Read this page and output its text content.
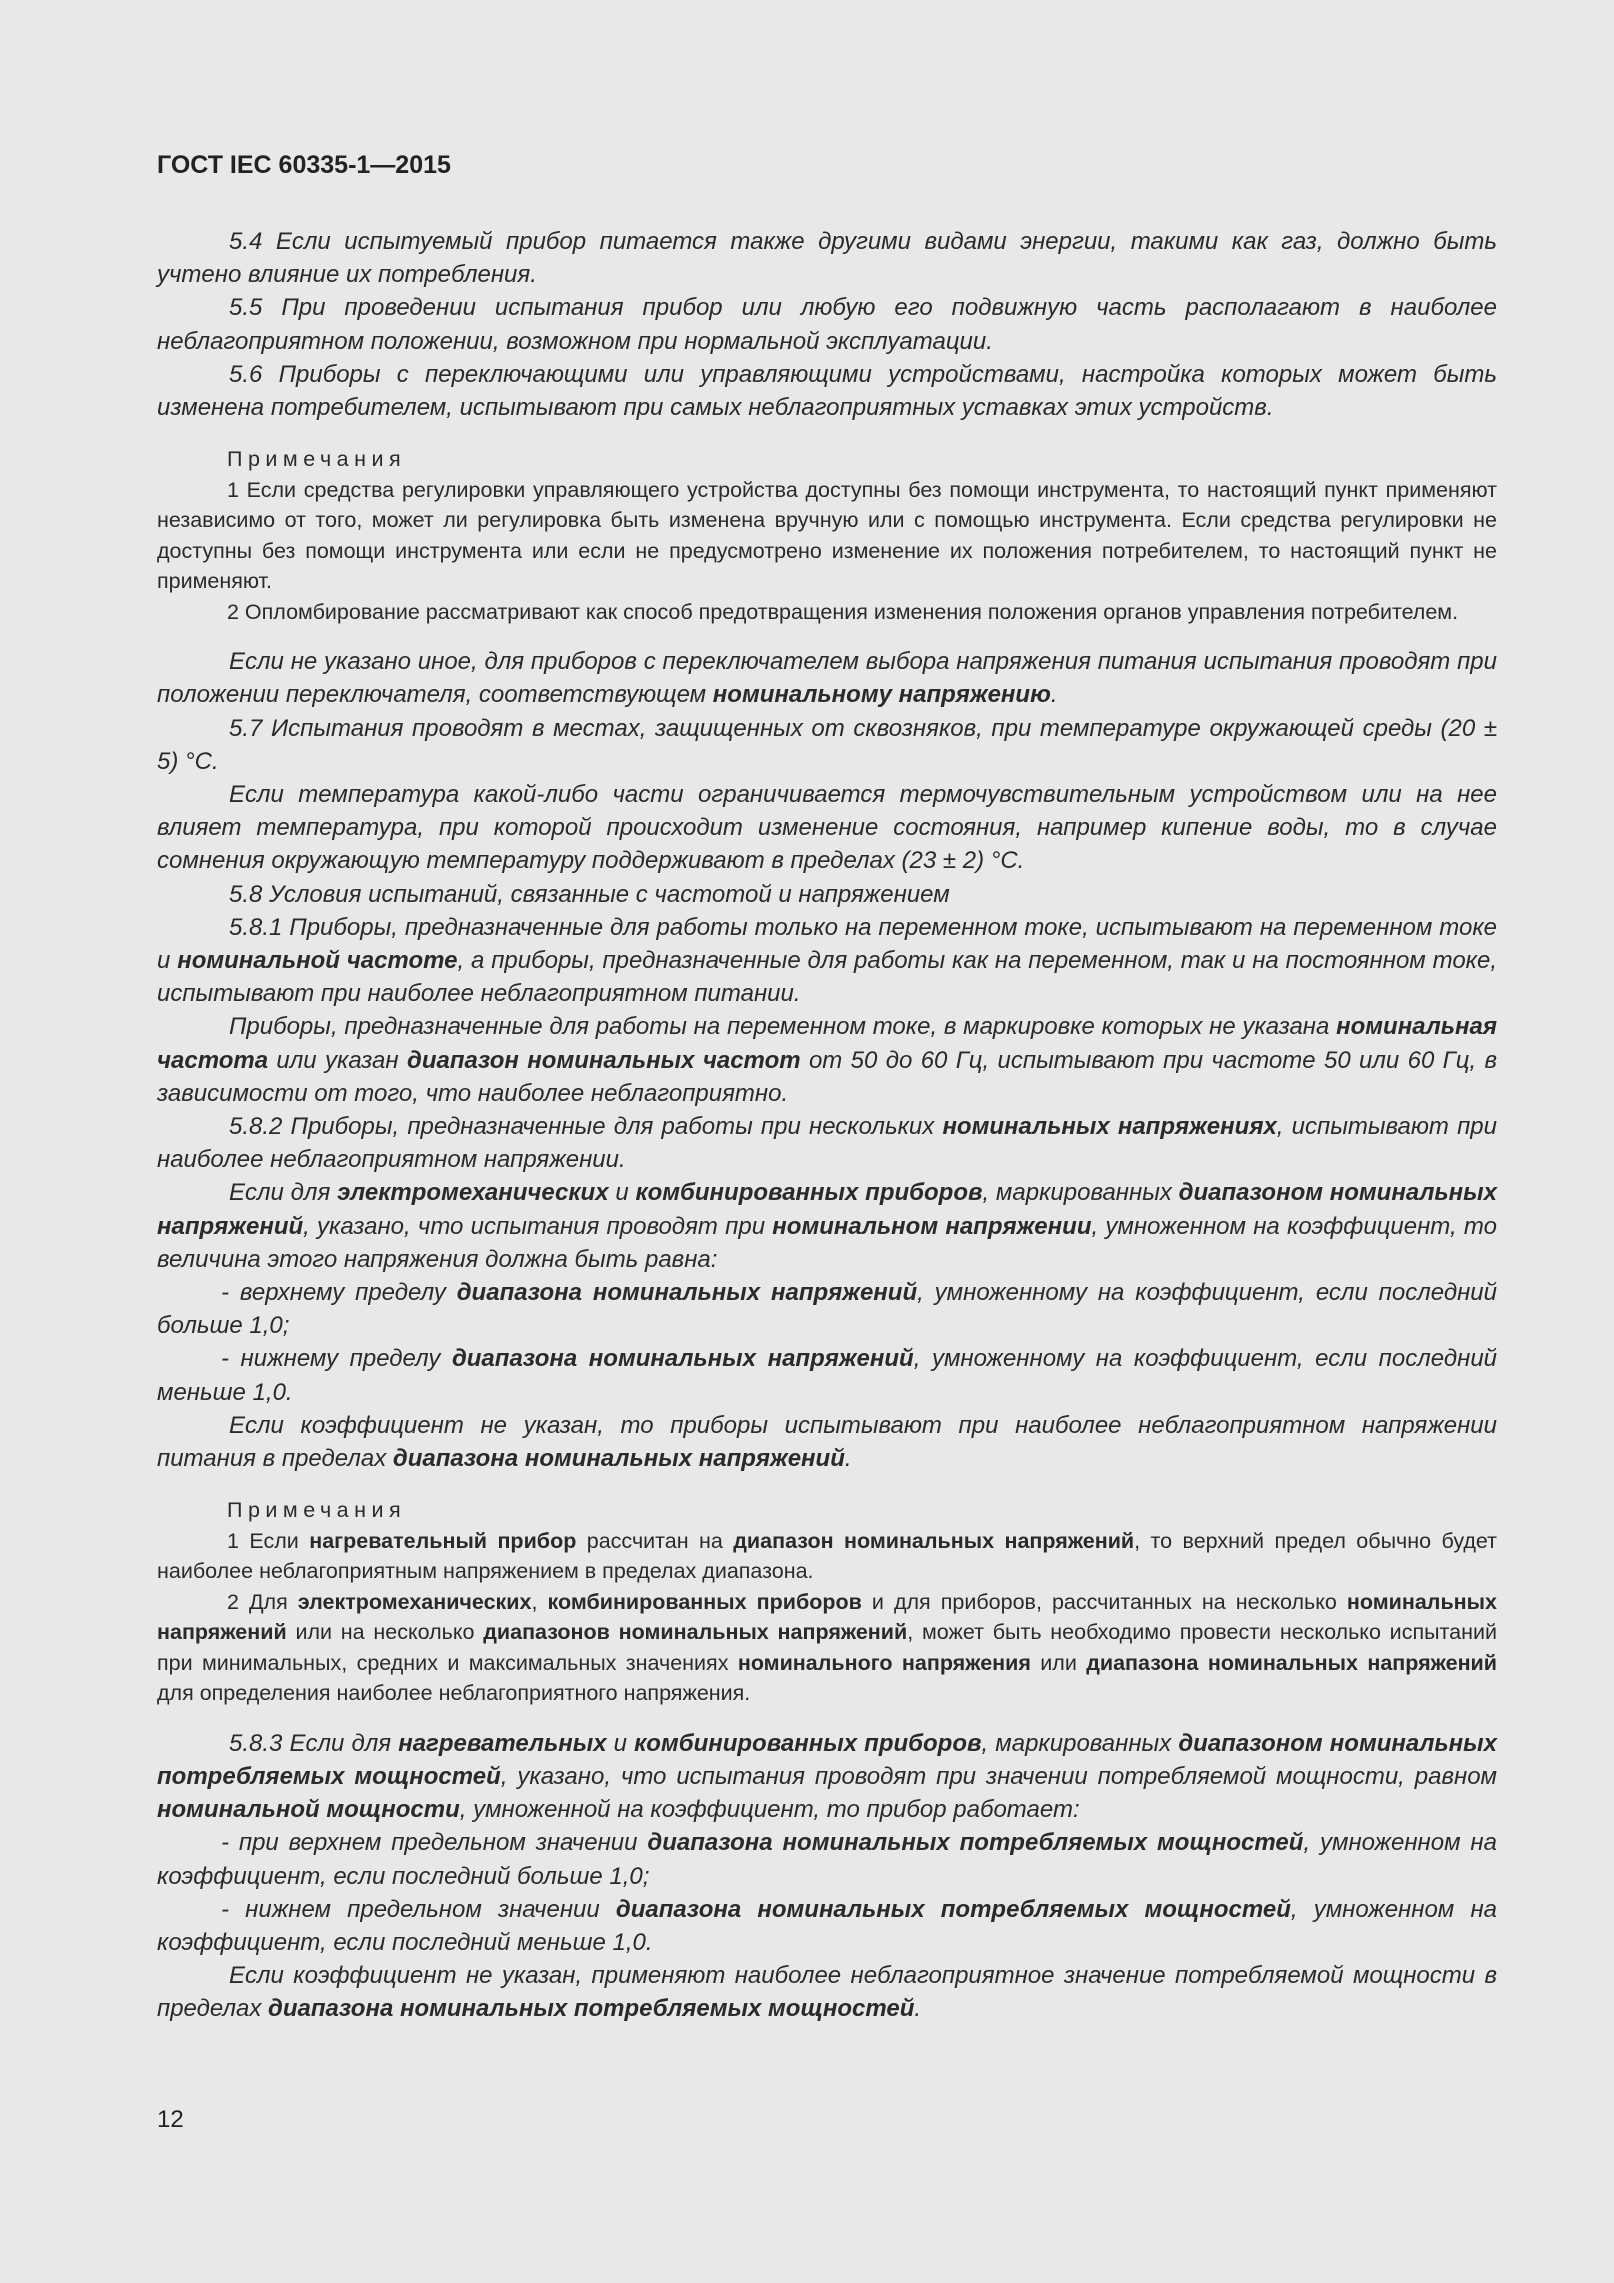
ГОСТ IEC 60335-1—2015

5.4 Если испытуемый прибор питается также другими видами энергии, такими как газ, должно быть учтено влияние их потребления.

5.5 При проведении испытания прибор или любую его подвижную часть располагают в наиболее неблагоприятном положении, возможном при нормальной эксплуатации.

5.6 Приборы с переключающими или управляющими устройствами, настройка которых может быть изменена потребителем, испытывают при самых неблагоприятных уставках этих устройств.

Примечания

1 Если средства регулировки управляющего устройства доступны без помощи инструмента, то настоящий пункт применяют независимо от того, может ли регулировка быть изменена вручную или с помощью инструмента. Если средства регулировки не доступны без помощи инструмента или если не предусмотрено изменение их положения потребителем, то настоящий пункт не применяют.

2 Опломбирование рассматривают как способ предотвращения изменения положения органов управления потребителем.

Если не указано иное, для приборов с переключателем выбора напряжения питания испытания проводят при положении переключателя, соответствующем номинальному напряжению.

5.7 Испытания проводят в местах, защищенных от сквозняков, при температуре окружающей среды (20 ± 5) °С.

Если температура какой-либо части ограничивается термочувствительным устройством или на нее влияет температура, при которой происходит изменение состояния, например кипение воды, то в случае сомнения окружающую температуру поддерживают в пределах (23 ± 2) °С.

5.8 Условия испытаний, связанные с частотой и напряжением

5.8.1 Приборы, предназначенные для работы только на переменном токе, испытывают на переменном токе и номинальной частоте, а приборы, предназначенные для работы как на переменном, так и на постоянном токе, испытывают при наиболее неблагоприятном питании.

Приборы, предназначенные для работы на переменном токе, в маркировке которых не указана номинальная частота или указан диапазон номинальных частот от 50 до 60 Гц, испытывают при частоте 50 или 60 Гц, в зависимости от того, что наиболее неблагоприятно.

5.8.2 Приборы, предназначенные для работы при нескольких номинальных напряжениях, испытывают при наиболее неблагоприятном напряжении.

Если для электромеханических и комбинированных приборов, маркированных диапазоном номинальных напряжений, указано, что испытания проводят при номинальном напряжении, умноженном на коэффициент, то величина этого напряжения должна быть равна:

- верхнему пределу диапазона номинальных напряжений, умноженному на коэффициент, если последний больше 1,0;

- нижнему пределу диапазона номинальных напряжений, умноженному на коэффициент, если последний меньше 1,0.

Если коэффициент не указан, то приборы испытывают при наиболее неблагоприятном напряжении питания в пределах диапазона номинальных напряжений.

Примечания

1 Если нагревательный прибор рассчитан на диапазон номинальных напряжений, то верхний предел обычно будет наиболее неблагоприятным напряжением в пределах диапазона.

2 Для электромеханических, комбинированных приборов и для приборов, рассчитанных на несколько номинальных напряжений или на несколько диапазонов номинальных напряжений, может быть необходимо провести несколько испытаний при минимальных, средних и максимальных значениях номинального напряжения или диапазона номинальных напряжений для определения наиболее неблагоприятного напряжения.

5.8.3 Если для нагревательных и комбинированных приборов, маркированных диапазоном номинальных потребляемых мощностей, указано, что испытания проводят при значении потребляемой мощности, равном номинальной мощности, умноженной на коэффициент, то прибор работает:

- при верхнем предельном значении диапазона номинальных потребляемых мощностей, умноженном на коэффициент, если последний больше 1,0;

- нижнем предельном значении диапазона номинальных потребляемых мощностей, умноженном на коэффициент, если последний меньше 1,0.

Если коэффициент не указан, применяют наиболее неблагоприятное значение потребляемой мощности в пределах диапазона номинальных потребляемых мощностей.

12
